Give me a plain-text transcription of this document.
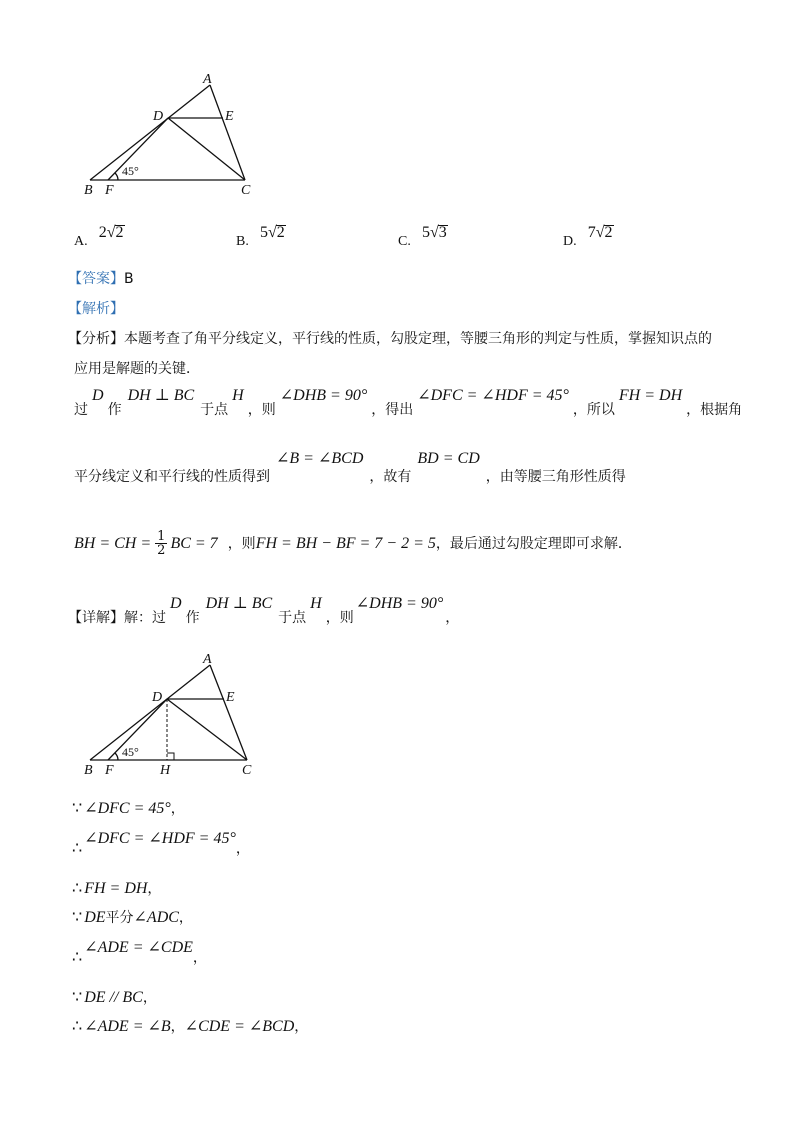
A
D	E
B F	C
45°
A. 2√2
B. 5√2
C. 5√3
D. 7√2
【答案】B
【解析】
【分析】本题考查了角平分线定义，平行线的性质，勾股定理，等腰三角形的判定与性质，掌握知识点的
应用是解题的关键．
过D作DH ⊥ BC于点H，则∠DHB = 90°，得出∠DFC = ∠HDF = 45°，所以FH = DH，根据角
平分线定义和平行线的性质得到∠B = ∠BCD，故有BD = CD，由等腰三角形性质得
BH = CH = $\frac{1}{2}$ BC = 7 ，则FH = BH − BF = 7 − 2 = 5，最后通过勾股定理即可求解．
【详解】解：过D作DH ⊥ BC于点H，则∠DHB = 90°，
A
D	E
B F	H	C
45°
∵ ∠DFC = 45°，
∴∠DFC = ∠HDF = 45°，
∴ FH = DH，
∵ DE平分∠ADC，
∴∠ADE = ∠CDE，
∵ DE // BC，
∴ ∠ADE = ∠B，∠CDE = ∠BCD，
